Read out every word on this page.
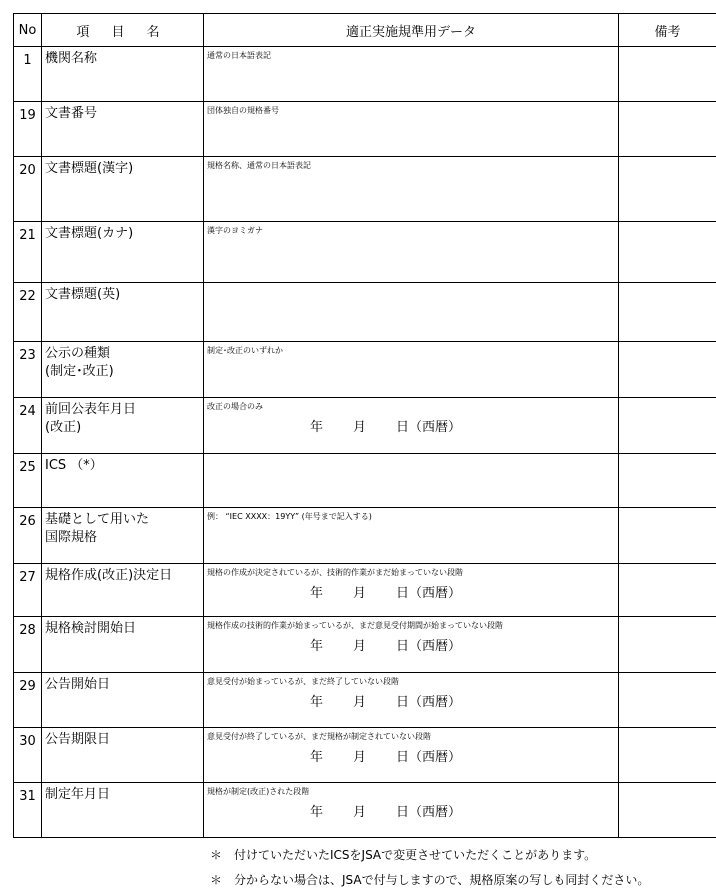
No	項 目 名	適正実施規準用データ	備考
1	機関名称	通常の日本語表記	

19	文書番号	団体独自の規格番号	

20	文書標題(漢字)	規格名称、通常の日本語表記	

21	文書標題(カナ)	漢字のヨミガナ	

22	文書標題(英)	

23	公示の種類
(制定･改正)	制定･改正のいずれか	

24	前回公表年月日
(改正)	改正の場合のみ
年 月 日（西暦）	

25	ICS （*）	

26	基礎として用いた
国際規格	例： “IEC XXXX：19YY” (年号まで記入する)	

27	規格作成(改正)決定日	規格の作成が決定されているが、技術的作業がまだ始まっていない段階
年 月 日（西暦）	

28	規格検討開始日	規格作成の技術的作業が始まっているが、まだ意見受付期間が始まっていない段階
年 月 日（西暦）	

29	公告開始日	意見受付が始まっているが、まだ終了していない段階
年 月 日（西暦）	

30	公告期限日	意見受付が終了しているが、まだ規格が制定されていない段階
年 月 日（西暦）	

31	制定年月日	規格が制定(改正)された段階
年 月 日（西暦）	

＊　付けていただいたICSをJSAで変更させていただくことがあります。
＊　分からない場合は、JSAで付与しますので、規格原案の写しも同封ください。
